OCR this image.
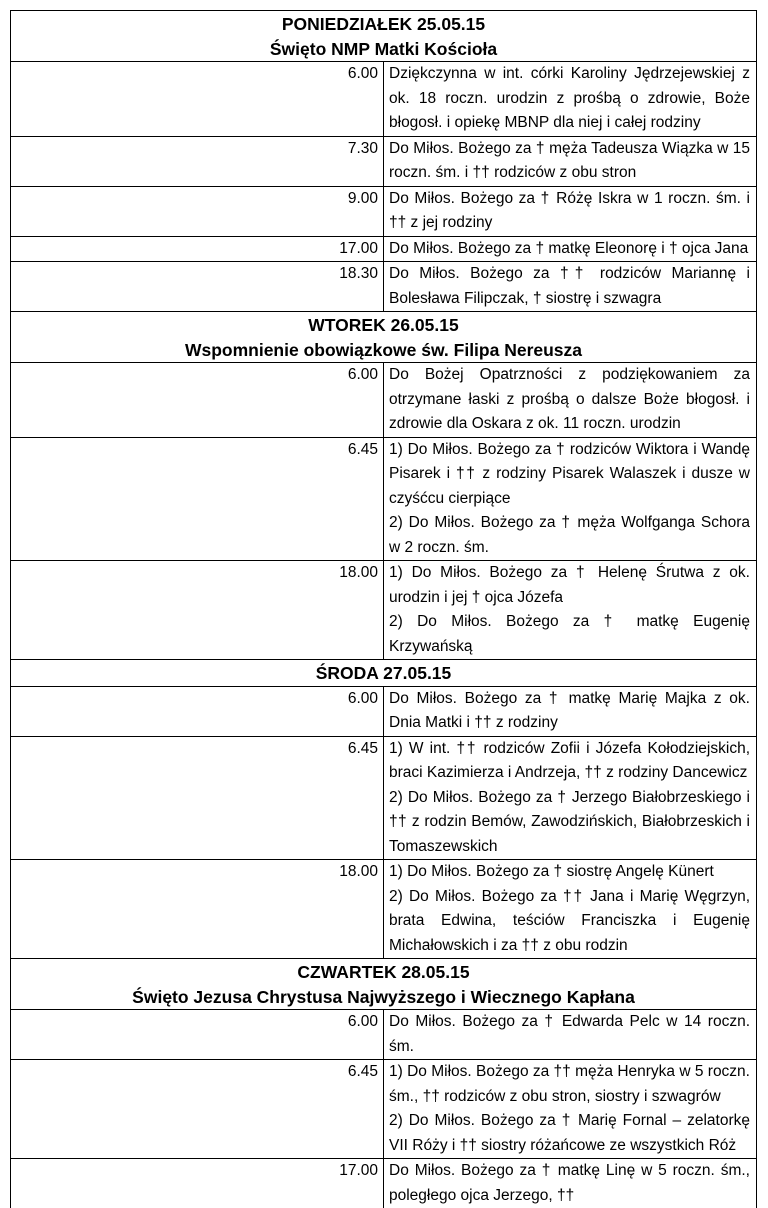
PONIEDZIAŁEK 25.05.15
Święto NMP Matki Kościoła	

6.00	Dziękczynna w int. córki Karoliny Jędrzejewskiej z ok. 18 roczn. urodzin z prośbą o zdrowie, Boże błogosł. i opiekę MBNP dla niej i całej rodziny

7.30	Do Miłos. Bożego za † męża Tadeusza Wiązka w 15 roczn. śm. i †† rodziców z obu stron

9.00	Do Miłos. Bożego za † Różę Iskra w 1 roczn. śm. i †† z jej rodziny

17.00	Do Miłos. Bożego za † matkę Eleonorę i † ojca Jana

18.30	Do Miłos. Bożego za †† rodziców Mariannę i Bolesława Filipczak, † siostrę i szwagra

WTOREK 26.05.15
Wspomnienie obowiązkowe św. Filipa Nereusza	

6.00	Do Bożej Opatrzności z podziękowaniem za otrzymane łaski z prośbą o dalsze Boże błogosł. i zdrowie dla Oskara z ok. 11 roczn. urodzin

6.45	1) Do Miłos. Bożego za † rodziców Wiktora i Wandę Pisarek i †† z rodziny Pisarek Walaszek i dusze w czyśćcu cierpiące
2) Do Miłos. Bożego za † męża Wolfganga Schora w 2 roczn. śm.

18.00	1) Do Miłos. Bożego za † Helenę Śrutwa z ok. urodzin i jej † ojca Józefa
2) Do Miłos. Bożego za † matkę Eugenię Krzywańską

ŚRODA 27.05.15	

6.00	Do Miłos. Bożego za † matkę Marię Majka z ok. Dnia Matki i †† z rodziny

6.45	1) W int. †† rodziców Zofii i Józefa Kołodziejskich, braci Kazimierza i Andrzeja, †† z rodziny Dancewicz
2) Do Miłos. Bożego za † Jerzego Białobrzeskiego i †† z rodzin Bemów, Zawodzińskich, Białobrzeskich i Tomaszewskich

18.00	1) Do Miłos. Bożego za † siostrę Angelę Künert
2) Do Miłos. Bożego za †† Jana i Marię Węgrzyn, brata Edwina, teściów Franciszka i Eugenię Michałowskich i za †† z obu rodzin

CZWARTEK 28.05.15
Święto Jezusa Chrystusa Najwyższego i Wiecznego Kapłana	

6.00	Do Miłos. Bożego za † Edwarda Pelc w 14 roczn. śm.

6.45	1) Do Miłos. Bożego za †† męża Henryka w 5 roczn. śm., †† rodziców z obu stron, siostry i szwagrów
2) Do Miłos. Bożego za † Marię Fornal – zelatorkę VII Róży i †† siostry różańcowe ze wszystkich Róż

17.00	Do Miłos. Bożego za † matkę Linę w 5 roczn. śm., poległego ojca Jerzego, ††
